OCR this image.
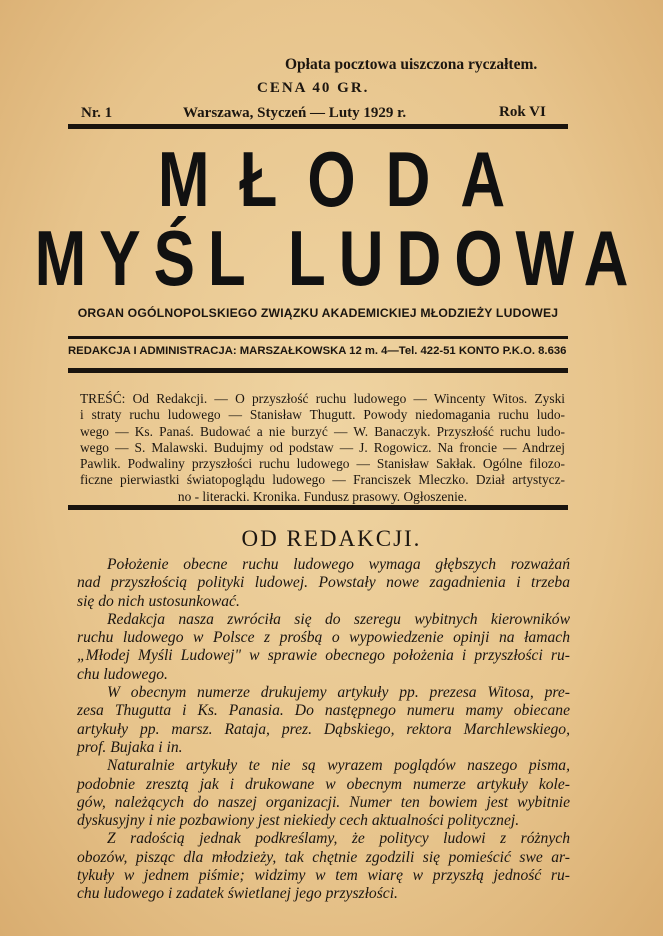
Opłata pocztowa uiszczona ryczałtem.
CENA 40 GR.
Nr. 1	Warszawa, Styczeń — Luty 1929 r.	Rok VI
MŁODA
MYŚL LUDOWA
ORGAN OGÓLNOPOLSKIEGO ZWIĄZKU AKADEMICKIEJ MŁODZIEŻY LUDOWEJ
REDAKCJA I ADMINISTRACJA: MARSZAŁKOWSKA 12 m. 4—Tel. 422-51 KONTO P.K.O. 8.636
TREŚĆ: Od Redakcji. — O przyszłość ruchu ludowego — Wincenty Witos. Zyski
i straty ruchu ludowego — Stanisław Thugutt. Powody niedomagania ruchu ludo-
wego — Ks. Panaś. Budować a nie burzyć — W. Banaczyk. Przyszłość ruchu ludo-
wego — S. Malawski. Budujmy od podstaw — J. Rogowicz. Na froncie — Andrzej
Pawlik. Podwaliny przyszłości ruchu ludowego — Stanisław Sakłak. Ogólne filozo-
ficzne pierwiastki światopoglądu ludowego — Franciszek Mleczko. Dział artystycz-
no - literacki. Kronika. Fundusz prasowy. Ogłoszenie.
OD REDAKCJI.
Położenie obecne ruchu ludowego wymaga głębszych rozważań
nad przyszłością polityki ludowej. Powstały nowe zagadnienia i trzeba
się do nich ustosunkować.
Redakcja nasza zwróciła się do szeregu wybitnych kierowników
ruchu ludowego w Polsce z prośbą o wypowiedzenie opinji na łamach
„Młodej Myśli Ludowej" w sprawie obecnego położenia i przyszłości ru-
chu ludowego.
W obecnym numerze drukujemy artykuły pp. prezesa Witosa, pre-
zesa Thugutta i Ks. Panasia. Do następnego numeru mamy obiecane
artykuły pp. marsz. Rataja, prez. Dąbskiego, rektora Marchlewskiego,
prof. Bujaka i in.
Naturalnie artykuły te nie są wyrazem poglądów naszego pisma,
podobnie zresztą jak i drukowane w obecnym numerze artykuły kole-
gów, należących do naszej organizacji. Numer ten bowiem jest wybitnie
dyskusyjny i nie pozbawiony jest niekiedy cech aktualności politycznej.
Z radością jednak podkreślamy, że politycy ludowi z różnych
obozów, pisząc dla młodzieży, tak chętnie zgodzili się pomieścić swe ar-
tykuły w jednem piśmie; widzimy w tem wiarę w przyszłą jedność ru-
chu ludowego i zadatek świetlanej jego przyszłości.
